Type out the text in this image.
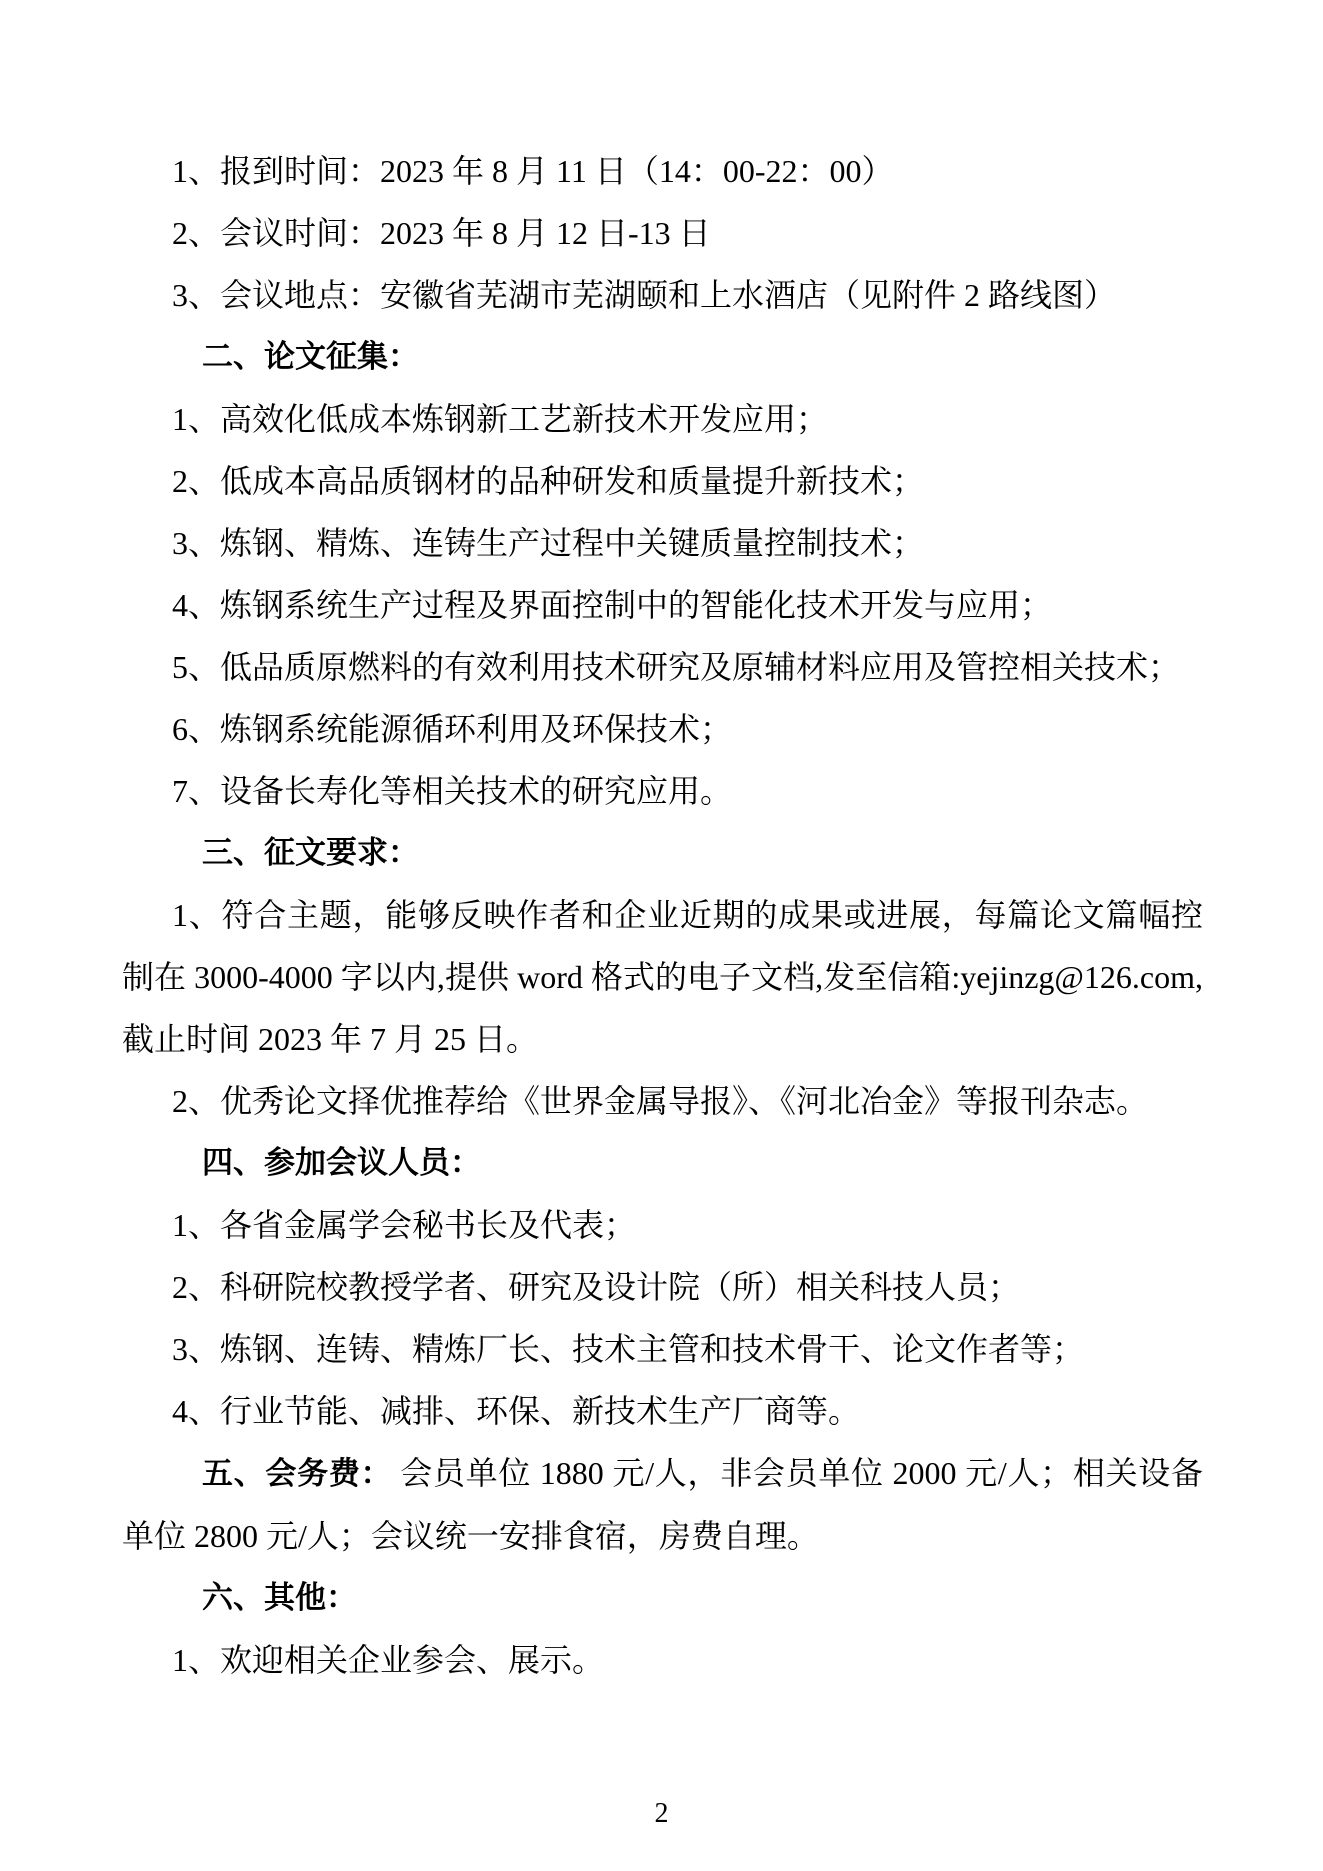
1、报到时间：2023 年 8 月 11 日（14：00-22：00）

2、会议时间：2023 年 8 月 12 日-13 日

3、会议地点：安徽省芜湖市芜湖颐和上水酒店（见附件 2 路线图）

二、论文征集：

1、高效化低成本炼钢新工艺新技术开发应用；

2、低成本高品质钢材的品种研发和质量提升新技术；

3、炼钢、精炼、连铸生产过程中关键质量控制技术；

4、炼钢系统生产过程及界面控制中的智能化技术开发与应用；

5、低品质原燃料的有效利用技术研究及原辅材料应用及管控相关技术；

6、炼钢系统能源循环利用及环保技术；

7、设备长寿化等相关技术的研究应用。

三、征文要求：

1、符合主题，能够反映作者和企业近期的成果或进展，每篇论文篇幅控制在 3000-4000 字以内,提供 word 格式的电子文档,发至信箱:yejinzg@126.com,截止时间 2023 年 7 月 25 日。

2、优秀论文择优推荐给《世界金属导报》、《河北冶金》等报刊杂志。

四、参加会议人员：

1、各省金属学会秘书长及代表；

2、科研院校教授学者、研究及设计院（所）相关科技人员；

3、炼钢、连铸、精炼厂长、技术主管和技术骨干、论文作者等；

4、行业节能、减排、环保、新技术生产厂商等。

五、会务费： 会员单位 1880 元/人，非会员单位 2000 元/人；相关设备单位 2800 元/人；会议统一安排食宿，房费自理。

六、其他：

1、欢迎相关企业参会、展示。

2
